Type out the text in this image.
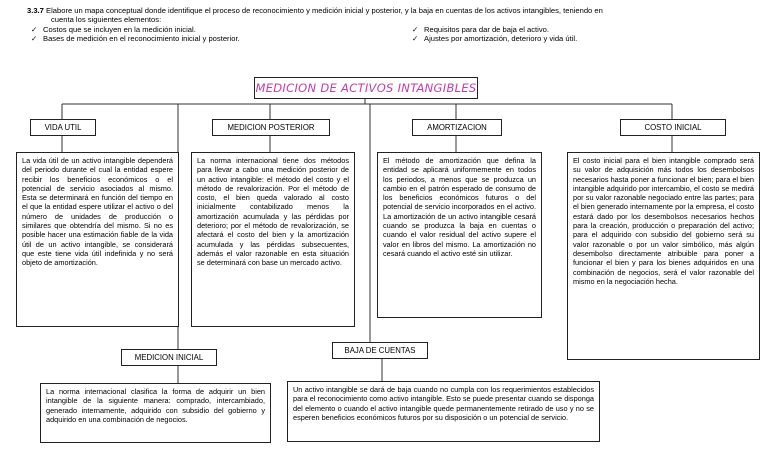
3.3.7 Elabore un mapa conceptual donde identifique el proceso de reconocimiento y medición inicial y posterior, y la baja en cuentas de los activos intangibles, teniendo en
cuenta los siguientes elementos:
✓ Costos que se incluyen en la medición inicial.
✓ Bases de medición en el reconocimiento inicial y posterior.
✓ Requisitos para dar de baja el activo.
✓ Ajustes por amortización, deterioro y vida útil.
MEDICION DE ACTIVOS INTANGIBLES
VIDA UTIL	MEDICION POSTERIOR	AMORTIZACION	COSTO INICIAL
La vida útil de un activo intangible dependerá del periodo durante el cual la entidad espere recibir los beneficios económicos o el potencial de servicio asociados al mismo. Esta se determinará en función del tiempo en el que la entidad espere utilizar el activo o del número de unidades de producción o similares que obtendría del mismo. Si no es posible hacer una estimación fiable de la vida útil de un activo intangible, se considerará que este tiene vida útil indefinida y no será objeto de amortización.
La norma internacional tiene dos métodos para llevar a cabo una medición posterior de un activo intangible: el método del costo y el método de revalorización. Por el método de costo, el bien queda valorado al costo inicialmente contabilizado menos la amortización acumulada y las pérdidas por deterioro; por el método de revalorización, se afectará el costo del bien y la amortización acumulada y las pérdidas subsecuentes, además el valor razonable en esta situación se determinará con base un mercado activo.
El método de amortización que defina la entidad se aplicará uniformemente en todos los periodos, a menos que se produzca un cambio en el patrón esperado de consumo de los beneficios económicos futuros o del potencial de servicio incorporados en el activo. La amortización de un activo intangible cesará cuando se produzca la baja en cuentas o cuando el valor residual del activo supere el valor en libros del mismo. La amortización no cesará cuando el activo esté sin utilizar.
El costo inicial para el bien intangible comprado será su valor de adquisición más todos los desembolsos necesarios hasta poner a funcionar el bien; para el bien intangible adquirido por intercambio, el costo se medirá por su valor razonable negociado entre las partes; para el bien generado internamente por la empresa, el costo estará dado por los desembolsos necesarios hechos para la creación, producción o preparación del activo; para el adquirido con subsidio del gobierno será su valor razonable o por un valor simbólico, más algún desembolso directamente atribuible para poner a funcionar el bien y para los bienes adquiridos en una combinación de negocios, será el valor razonable del mismo en la negociación hecha.
MEDICION INICIAL
BAJA DE CUENTAS
La norma internacional clasifica la forma de adquirir un bien intangible de la siguiente manera: comprado, intercambiado, generado internamente, adquirido con subsidio del gobierno y adquirido en una combinación de negocios.
Un activo intangible se dará de baja cuando no cumpla con los requerimientos establecidos para el reconocimiento como activo intangible. Esto se puede presentar cuando se disponga del elemento o cuando el activo intangible quede permanentemente retirado de uso y no se esperen beneficios económicos futuros por su disposición o un potencial de servicio.
